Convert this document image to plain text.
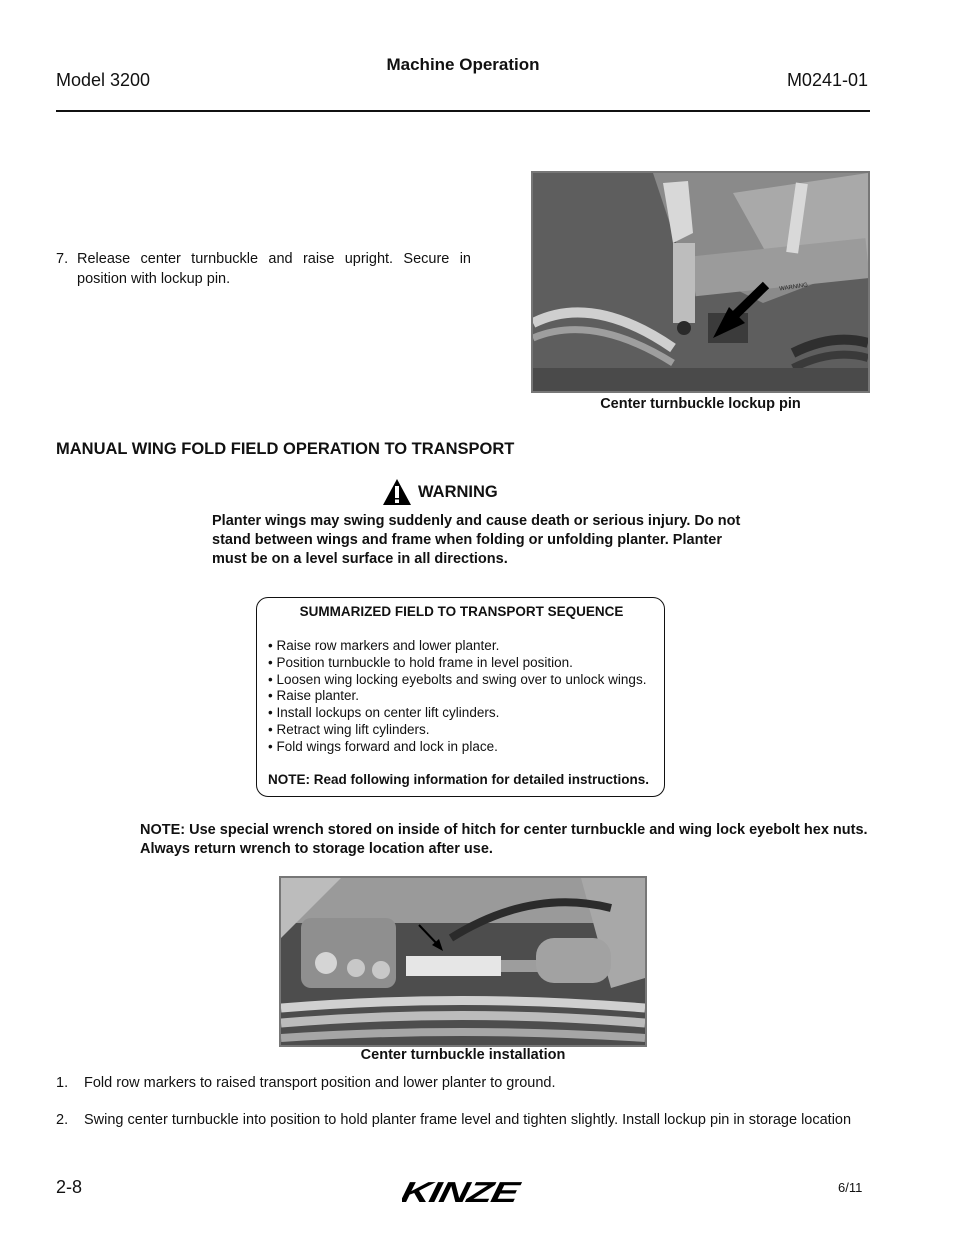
Model 3200
Machine Operation
M0241-01
7. Release center turnbuckle and raise upright. Secure in position with lockup pin.
WARNING
Center turnbuckle lockup pin
MANUAL WING FOLD FIELD OPERATION TO TRANSPORT
WARNING
Planter wings may swing suddenly and cause death or serious injury. Do not stand between wings and frame when folding or unfolding planter. Planter must be on a level surface in all directions.
SUMMARIZED FIELD TO TRANSPORT SEQUENCE
• Raise row markers and lower planter.
• Position turnbuckle to hold frame in level position.
• Loosen wing locking eyebolts and swing over to unlock wings.
• Raise planter.
• Install lockups on center lift cylinders.
• Retract wing lift cylinders.
• Fold wings forward and lock in place.
NOTE: Read following information for detailed instructions.
NOTE: Use special wrench stored on inside of hitch for center turnbuckle and wing lock eyebolt hex nuts. Always return wrench to storage location after use.
Center turnbuckle installation
1. Fold row markers to raised transport position and lower planter to ground.
2. Swing center turnbuckle into position to hold planter frame level and tighten slightly. Install lockup pin in storage location
2-8	KINZE	6/11
